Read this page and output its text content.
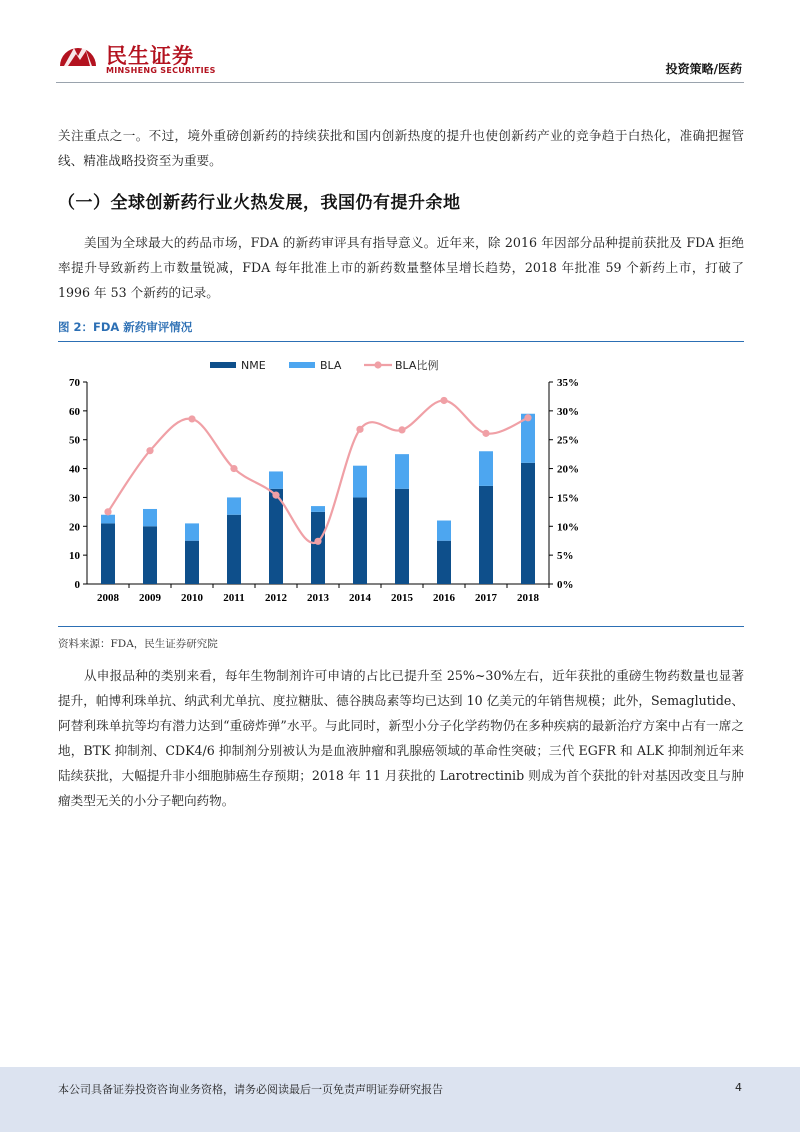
民生证券
MINSHENG SECURITIES	投资策略/医药

关注重点之一。不过，境外重磅创新药的持续获批和国内创新热度的提升也使创新药产业的竞争趋于白热化，准确把握管线、精准战略投资至为重要。

（一）全球创新药行业火热发展，我国仍有提升余地

美国为全球最大的药品市场，FDA 的新药审评具有指导意义。近年来，除 2016 年因部分品种提前获批及 FDA 拒绝率提升导致新药上市数量锐减，FDA 每年批准上市的新药数量整体呈增长趋势，2018 年批准 59 个新药上市，打破了 1996 年 53 个新药的记录。

图 2：FDA 新药审评情况
0
10
20
30
40
50
60
70
0%
5%
10%
15%
20%
25%
30%
35%
2008 2009 2010 2011 2012 2013 2014 2015 2016 2017 2018
NME	BLA	BLA比例
资料来源：FDA，民生证券研究院

从申报品种的类别来看，每年生物制剂许可申请的占比已提升至 25%~30%左右，近年获批的重磅生物药数量也显著提升，帕博利珠单抗、纳武利尤单抗、度拉糖肽、德谷胰岛素等均已达到 10 亿美元的年销售规模；此外，Semaglutide、阿替利珠单抗等均有潜力达到“重磅炸弹”水平。与此同时，新型小分子化学药物仍在多种疾病的最新治疗方案中占有一席之地，BTK 抑制剂、CDK4/6 抑制剂分别被认为是血液肿瘤和乳腺癌领域的革命性突破；三代 EGFR 和 ALK 抑制剂近年来陆续获批，大幅提升非小细胞肺癌生存预期；2018 年 11 月获批的 Larotrectinib 则成为首个获批的针对基因改变且与肿瘤类型无关的小分子靶向药物。

本公司具备证券投资咨询业务资格，请务必阅读最后一页免责声明证券研究报告	4
